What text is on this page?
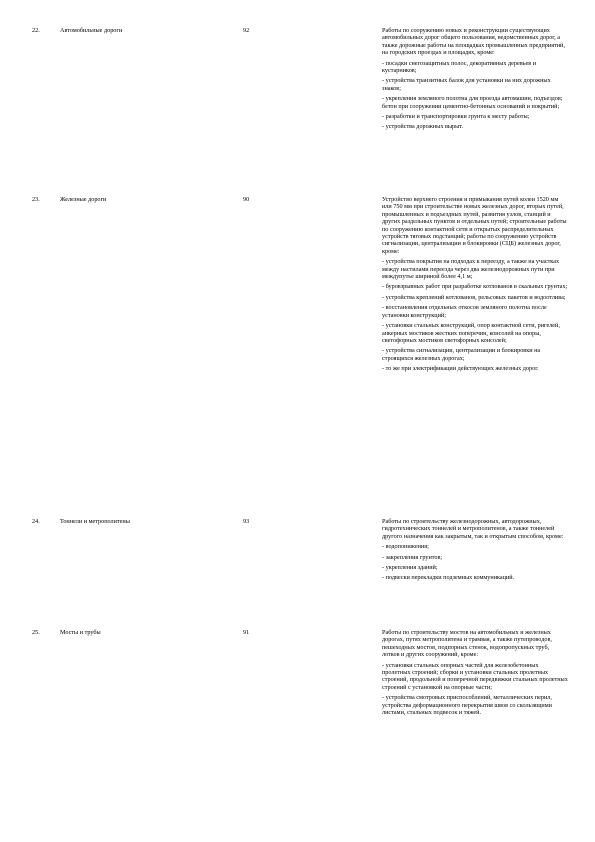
22.	Автомобильные дороги	92	Работы по сооружению новых и реконструкции существующих автомобильных дорог общего пользования, ведомственных дорог, а также дорожные работы на площадках промышленных предприятий, на городских проездах и площадях, кроме:

- посадки снегозащитных полос, декоративных деревьев и кустарников;

- устройства транзитных балок для установки на них дорожных знаков;

- укрепления земляного полотна для проезда автомашин, подъездов; бетон при сооружении цементно-бетонных оснований и покрытий;

- разработки и транспортировки грунта к месту работы;

- устройства дорожных вырыт.

23.	Железные дороги	90	Устройство верхнего строения и примыкания путей колеи 1520 мм или 750 мм при строительстве новых железных дорог, вторых путей, промышленных и подъездных путей, развития узлов, станций и других раздельных пунктов и отдельных путей; строительные работы по сооружению контактной сети и открытых распределительных устройств тяговых подстанций; работы по сооружению устройств сигнализации, централизации и блокировки (СЦБ) железных дорог, кроме:

- устройства покрытия на подходах к переезду, а также на участках между настилами переезда через два железнодорожных пути при междупутье шириной более 4,1 м;

- буровзрывных работ при разработке котлованов в скальных грунтах;

- устройства креплений котлованов, рельсовых пакетов и водоотлива;

- восстановления отдельных откосов земляного полотна после установки конструкций;

- установки стальных конструкций, опор контактной сети, ригелей, анкерных мостиков жестких поперечин, консолей на опоры, светофорных мостиков светофорных консолей;

- устройства сигнализации, централизации и блокировки на строящихся железных дорогах;

- то же при электрификации действующих железных дорог.

24.	Тоннели и метрополитены	93	Работы по строительству железнодорожных, автодорожных, гидротехнических тоннелей и метрополитенов, а также тоннелей другого назначения как закрытым, так и открытым способом, кроме:

- водопонижения;

- закрепления грунтов;

- укрепления зданий;

- подвески перекладки подземных коммуникаций.

25.	Мосты и трубы	91	Работы по строительству мостов на автомобильных и железных дорогах, путях метрополитена и трамвая, а также путепроводов, пешеходных мостов, подпорных стенок, водопропускных труб, лотков и других сооружений, кроме:

- установки стальных опорных частей для железобетонных пролетных строений; сборки и установки стальных пролетных строений, продольной и поперечной передвижки стальных пролетных строений с установкой на опорные части;

- устройства смотровых приспособлений, металлических перил, устройства деформационного перекрытия швов со скользящими листами, стальных подвесок и тяжей.
